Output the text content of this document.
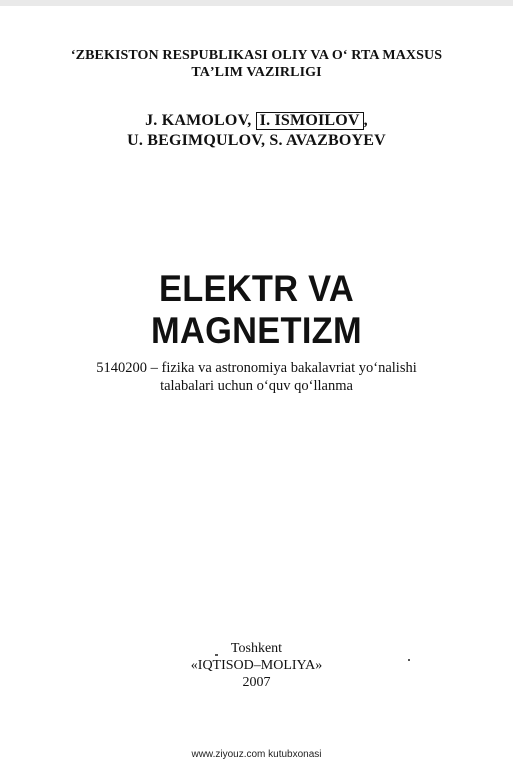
ʻZBEKISTON RESPUBLIKASI OLIY VA Oʻ RTA MAXSUS
TAʼLIM VAZIRLIGI
J. KAMOLOV, I. ISMOILOV ,
U. BEGIMQULOV, S. AVAZBOYEV
ELEKTR VA
MAGNETIZM
5140200 – fizika va astronomiya bakalavriat yoʻnalishi
talabalari uchun oʻquv qoʻllanma
Toshkent
«IQTISOD–MOLIYA»
2007
www.ziyouz.com kutubxonasi
